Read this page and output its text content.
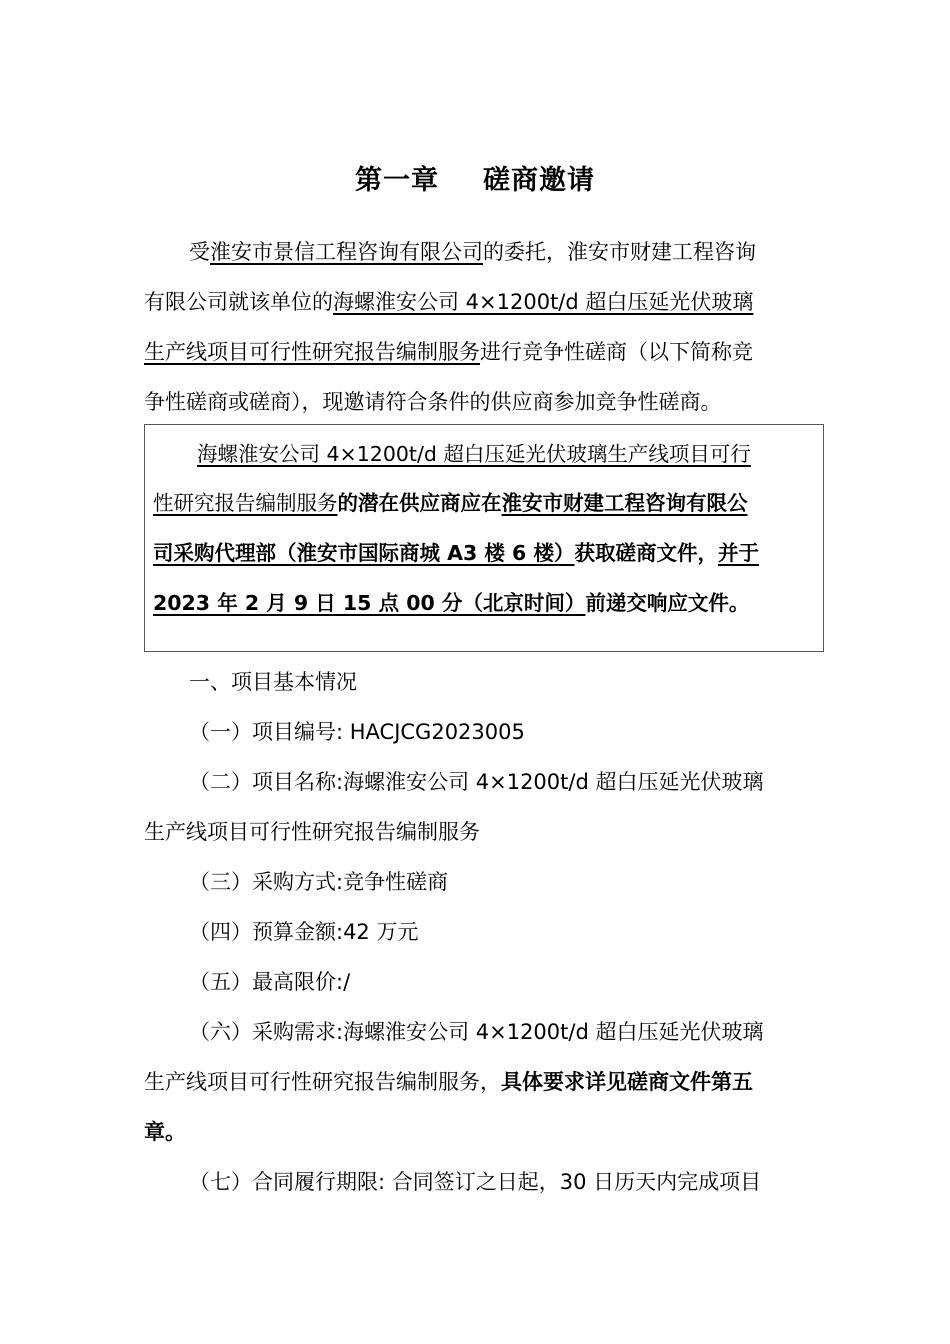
第一章 磋商邀请
受淮安市景信工程咨询有限公司的委托，淮安市财建工程咨询
有限公司就该单位的海螺淮安公司 4×1200t/d 超白压延光伏玻璃
生产线项目可行性研究报告编制服务进行竞争性磋商（以下简称竞
争性磋商或磋商），现邀请符合条件的供应商参加竞争性磋商。
海螺淮安公司 4×1200t/d 超白压延光伏玻璃生产线项目可行
性研究报告编制服务的潜在供应商应在淮安市财建工程咨询有限公
司采购代理部（淮安市国际商城 A3 楼 6 楼）获取磋商文件，并于
2023 年 2 月 9 日 15 点 00 分（北京时间）前递交响应文件。
一、项目基本情况
（一）项目编号: HACJCG2023005
（二）项目名称:海螺淮安公司 4×1200t/d 超白压延光伏玻璃
生产线项目可行性研究报告编制服务
（三）采购方式:竞争性磋商
（四）预算金额:42 万元
（五）最高限价:/
（六）采购需求:海螺淮安公司 4×1200t/d 超白压延光伏玻璃
生产线项目可行性研究报告编制服务，具体要求详见磋商文件第五
章。
（七）合同履行期限: 合同签订之日起，30 日历天内完成项目
